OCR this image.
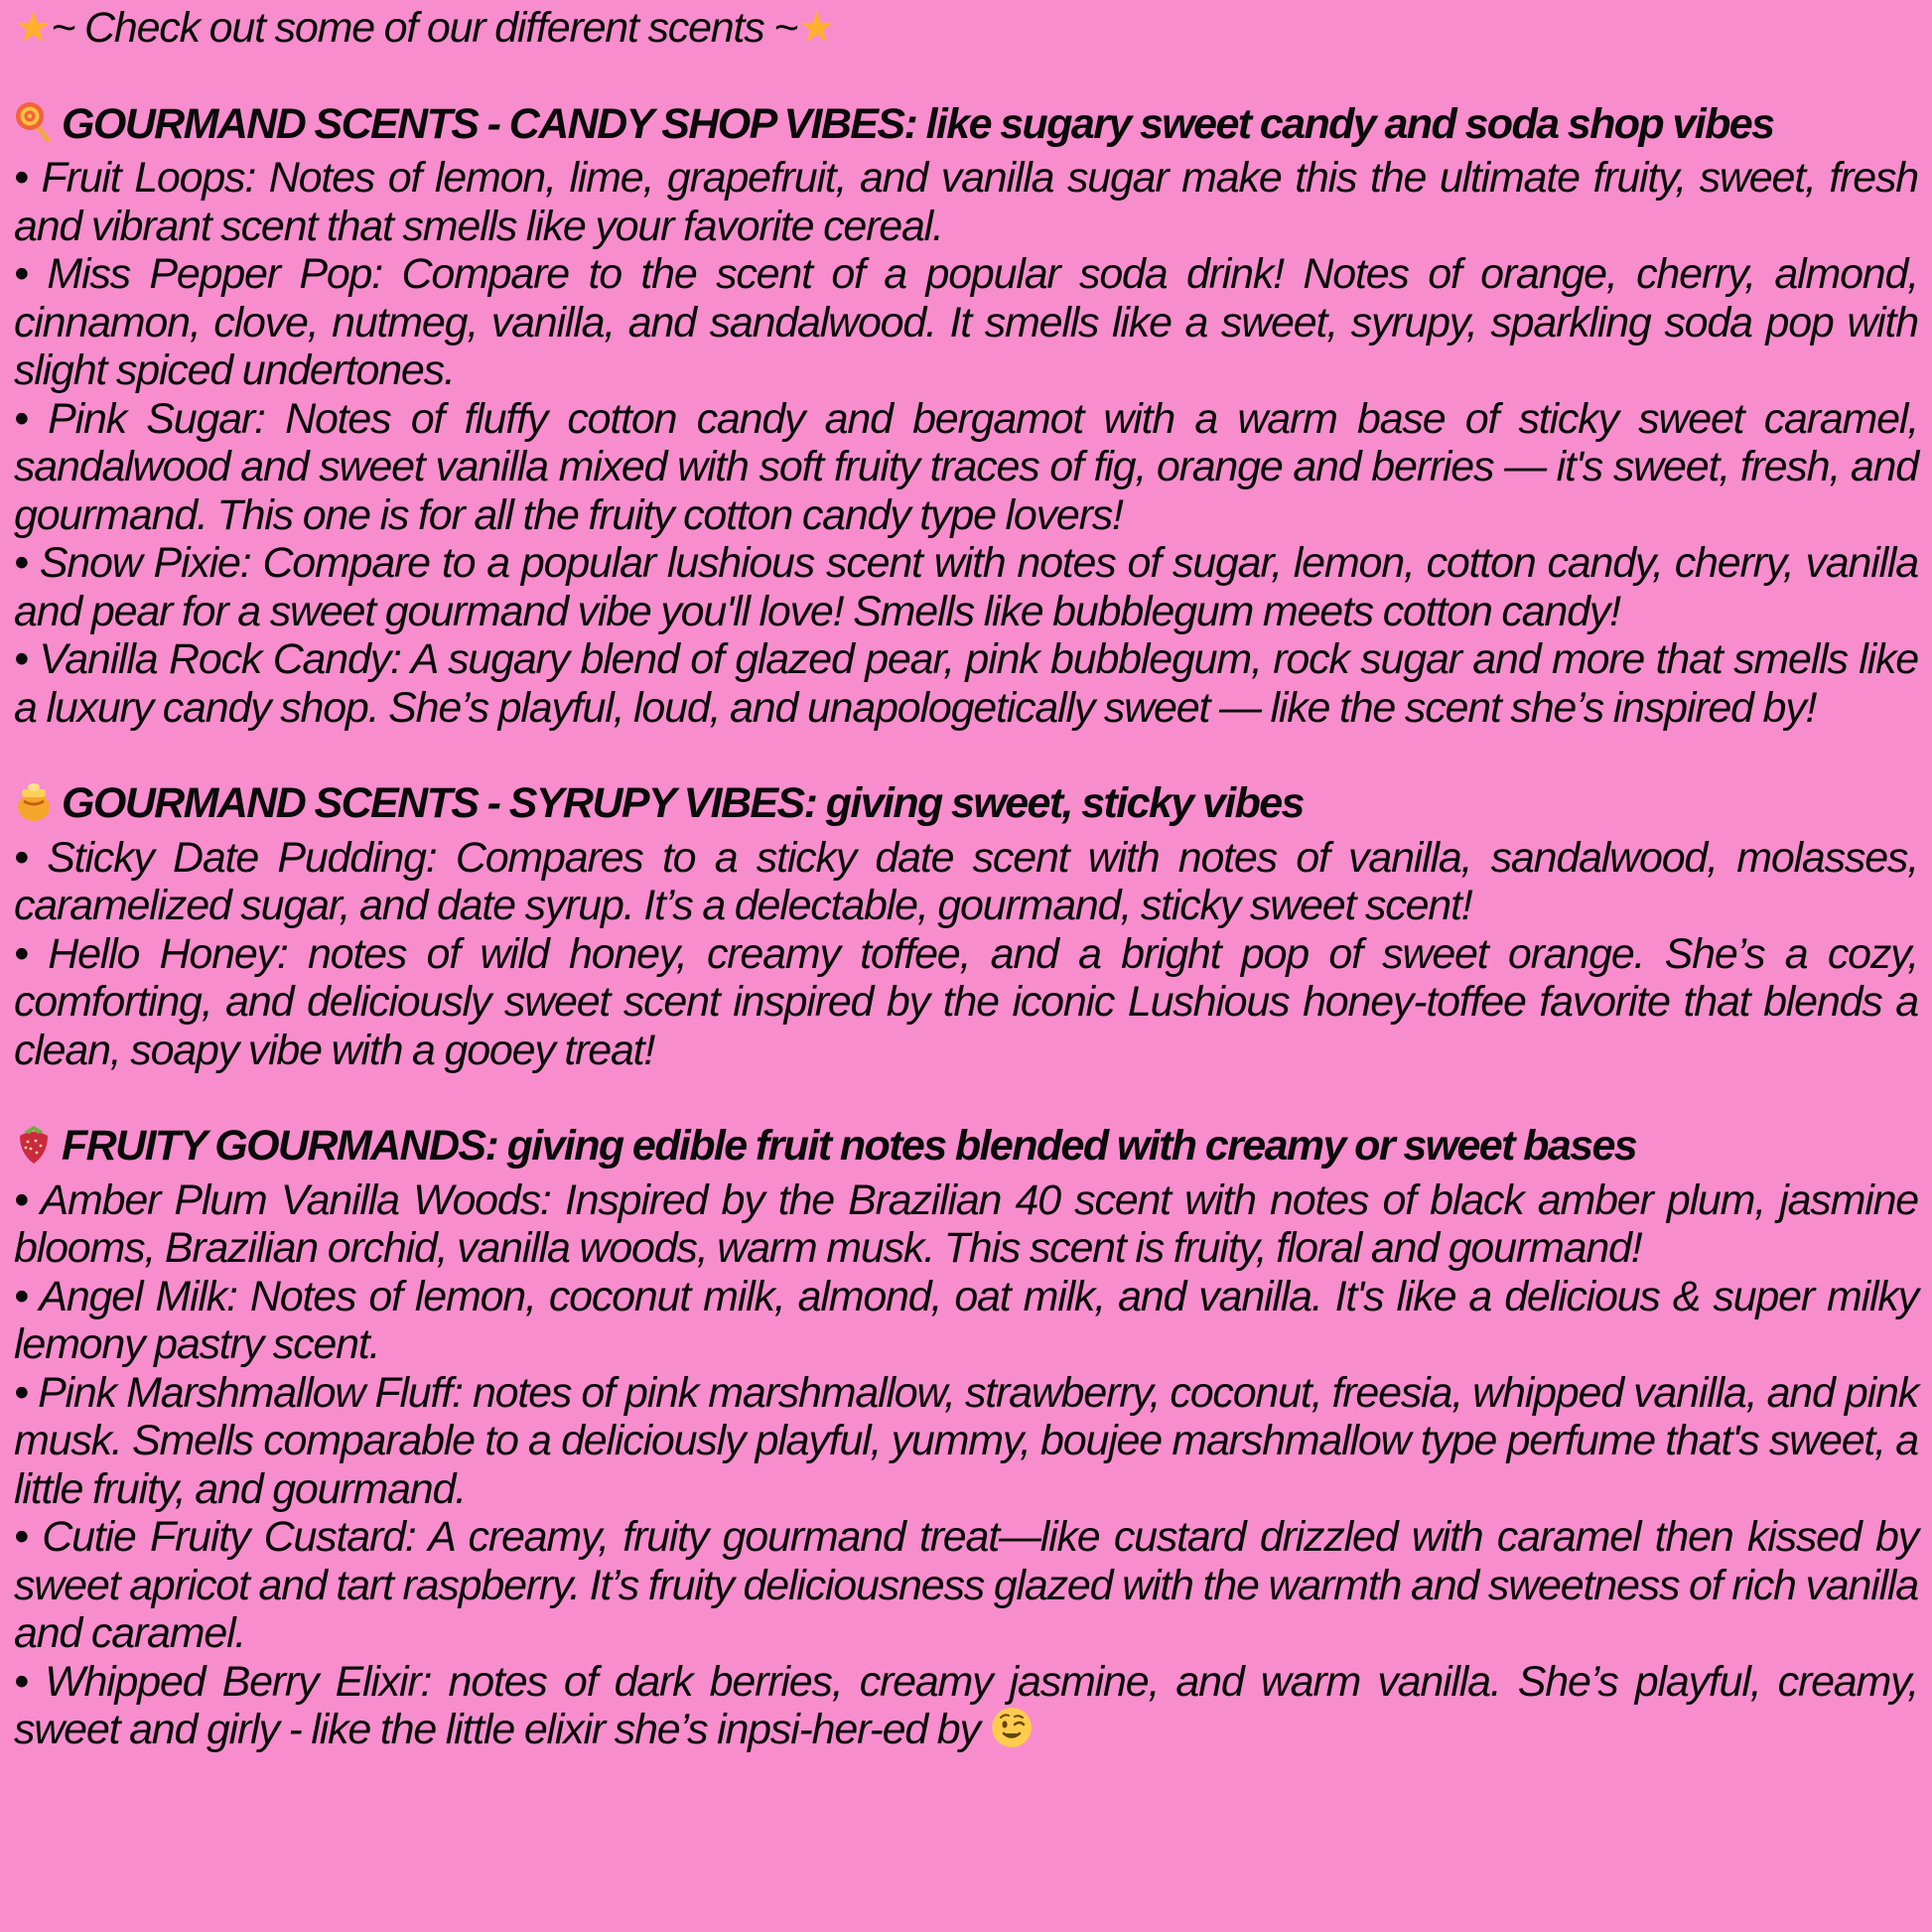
★~ Check out some of our different scents ~★
GOURMAND SCENTS - CANDY SHOP VIBES: like sugary sweet candy and soda shop vibes
• Fruit Loops: Notes of lemon, lime, grapefruit, and vanilla sugar make this the ultimate fruity, sweet, fresh and vibrant scent that smells like your favorite cereal.
• Miss Pepper Pop: Compare to the scent of a popular soda drink! Notes of orange, cherry, almond, cinnamon, clove, nutmeg, vanilla, and sandalwood. It smells like a sweet, syrupy, sparkling soda pop with slight spiced undertones.
• Pink Sugar: Notes of fluffy cotton candy and bergamot with a warm base of sticky sweet caramel, sandalwood and sweet vanilla mixed with soft fruity traces of fig, orange and berries — it's sweet, fresh, and gourmand. This one is for all the fruity cotton candy type lovers!
• Snow Pixie: Compare to a popular lushious scent with notes of sugar, lemon, cotton candy, cherry, vanilla and pear for a sweet gourmand vibe you'll love! Smells like bubblegum meets cotton candy!
• Vanilla Rock Candy: A sugary blend of glazed pear, pink bubblegum, rock sugar and more that smells like a luxury candy shop. She’s playful, loud, and unapologetically sweet — like the scent she’s inspired by!
GOURMAND SCENTS - SYRUPY VIBES: giving sweet, sticky vibes
• Sticky Date Pudding: Compares to a sticky date scent with notes of vanilla, sandalwood, molasses, caramelized sugar, and date syrup. It’s a delectable, gourmand, sticky sweet scent!
• Hello Honey: notes of wild honey, creamy toffee, and a bright pop of sweet orange. She’s a cozy, comforting, and deliciously sweet scent inspired by the iconic Lushious honey-toffee favorite that blends a clean, soapy vibe with a gooey treat!
FRUITY GOURMANDS: giving edible fruit notes blended with creamy or sweet bases
• Amber Plum Vanilla Woods: Inspired by the Brazilian 40 scent with notes of black amber plum, jasmine blooms, Brazilian orchid, vanilla woods, warm musk. This scent is fruity, floral and gourmand!
• Angel Milk: Notes of lemon, coconut milk, almond, oat milk, and vanilla. It's like a delicious & super milky lemony pastry scent.
• Pink Marshmallow Fluff: notes of pink marshmallow, strawberry, coconut, freesia, whipped vanilla, and pink musk. Smells comparable to a deliciously playful, yummy, boujee marshmallow type perfume that's sweet, a little fruity, and gourmand.
• Cutie Fruity Custard: A creamy, fruity gourmand treat—like custard drizzled with caramel then kissed by sweet apricot and tart raspberry. It’s fruity deliciousness glazed with the warmth and sweetness of rich vanilla and caramel.
• Whipped Berry Elixir: notes of dark berries, creamy jasmine, and warm vanilla. She’s playful, creamy, sweet and girly - like the little elixir she’s inpsi-her-ed by
